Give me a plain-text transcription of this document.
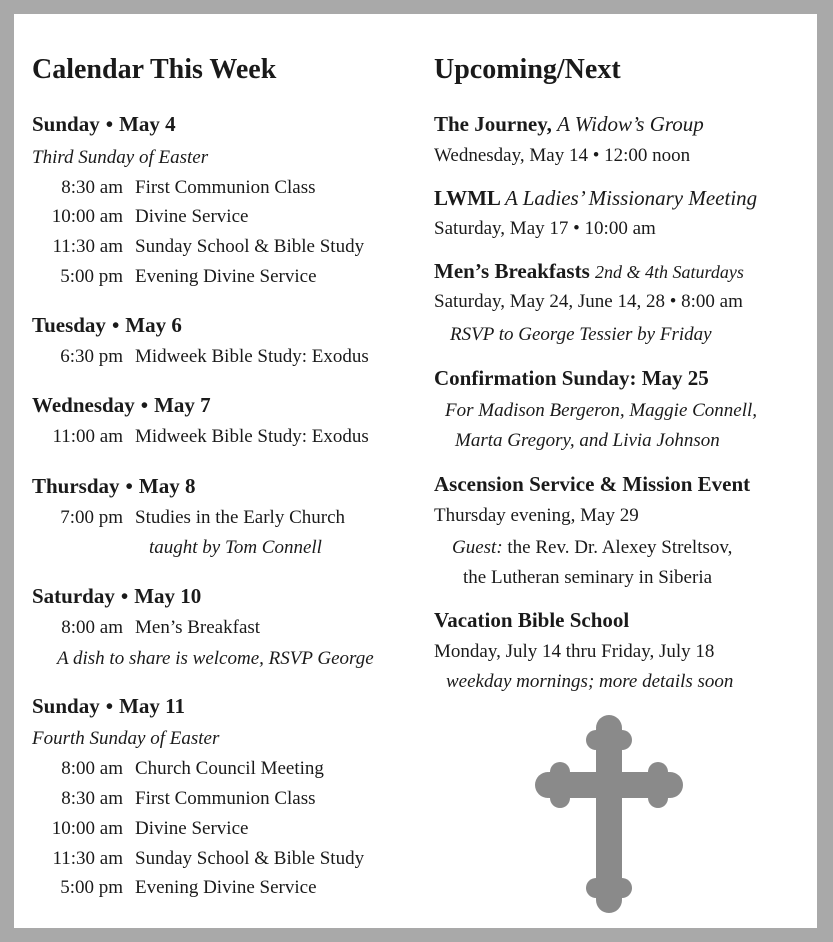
Calendar This Week
Sunday • May 4
Third Sunday of Easter
8:30 am First Communion Class
10:00 am Divine Service
11:30 am Sunday School & Bible Study
5:00 pm Evening Divine Service
Tuesday • May 6
6:30 pm Midweek Bible Study: Exodus
Wednesday • May 7
11:00 am Midweek Bible Study: Exodus
Thursday • May 8
7:00 pm Studies in the Early Church
taught by Tom Connell
Saturday • May 10
8:00 am Men’s Breakfast
A dish to share is welcome, RSVP George
Sunday • May 11
Fourth Sunday of Easter
8:00 am Church Council Meeting
8:30 am First Communion Class
10:00 am Divine Service
11:30 am Sunday School & Bible Study
5:00 pm Evening Divine Service
Upcoming/Next
The Journey, A Widow’s Group
Wednesday, May 14 • 12:00 noon
LWML A Ladies’ Missionary Meeting
Saturday, May 17 • 10:00 am
Men’s Breakfasts 2nd & 4th Saturdays
Saturday, May 24, June 14, 28 • 8:00 am
RSVP to George Tessier by Friday
Confirmation Sunday: May 25
For Madison Bergeron, Maggie Connell,
Marta Gregory, and Livia Johnson
Ascension Service & Mission Event
Thursday evening, May 29
Guest: the Rev. Dr. Alexey Streltsov,
the Lutheran seminary in Siberia
Vacation Bible School
Monday, July 14 thru Friday, July 18
weekday mornings; more details soon
